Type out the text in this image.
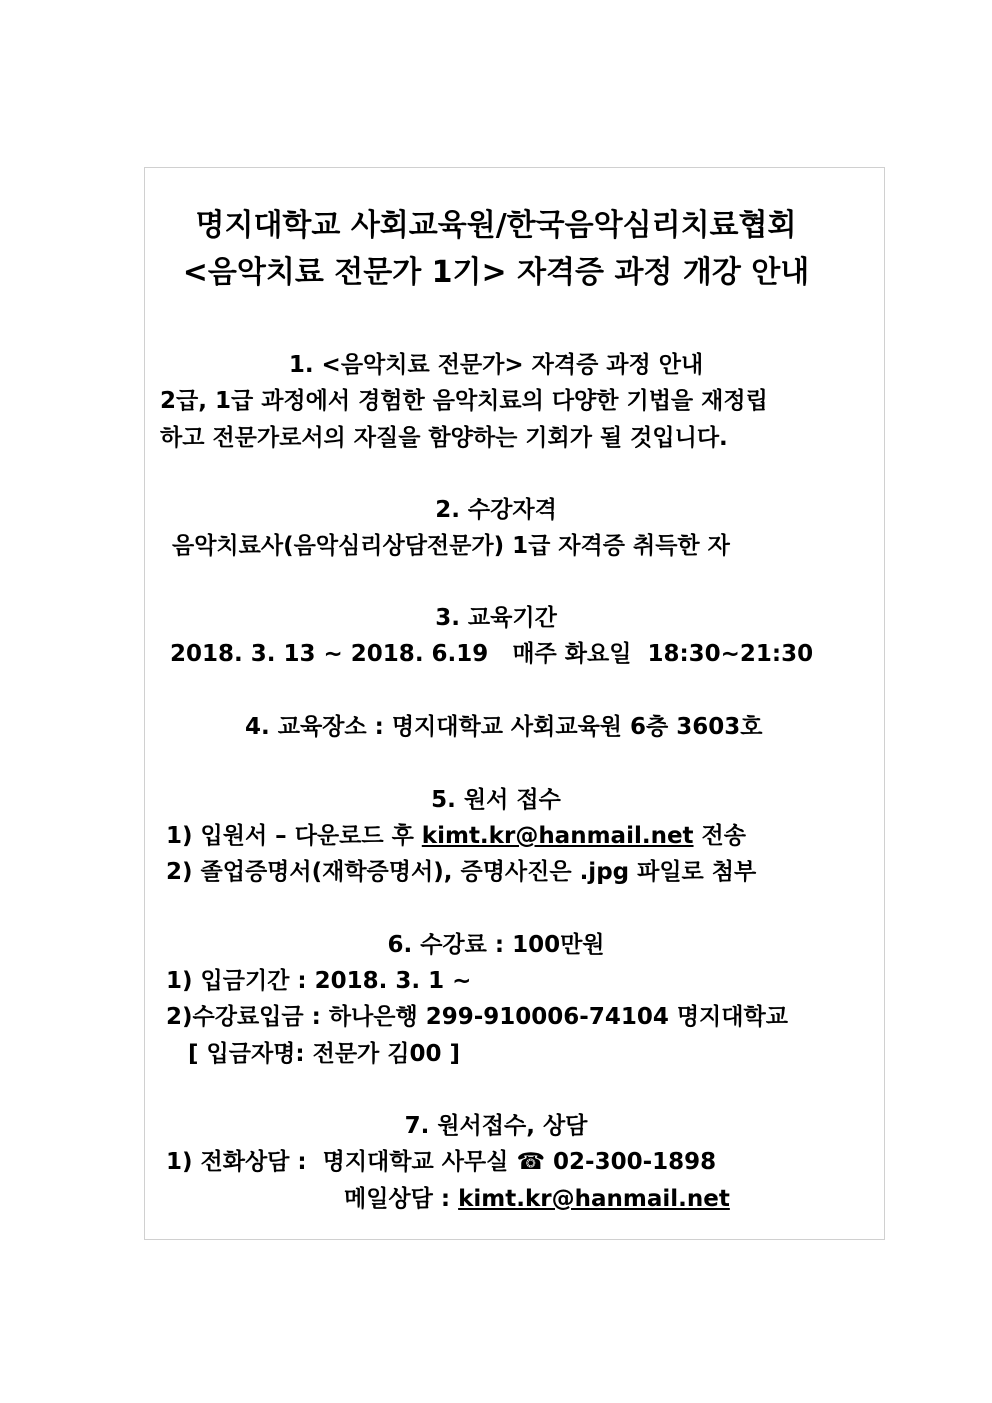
명지대학교 사회교육원/한국음악심리치료협회
<음악치료 전문가 1기> 자격증 과정 개강 안내
1. <음악치료 전문가> 자격증 과정 안내
2급, 1급 과정에서 경험한 음악치료의 다양한 기법을 재정립
하고 전문가로서의 자질을 함양하는 기회가 될 것입니다.
2. 수강자격
음악치료사(음악심리상담전문가) 1급 자격증 취득한 자
3. 교육기간
2018. 3. 13 ~ 2018. 6.19   매주 화요일  18:30~21:30
4. 교육장소 : 명지대학교 사회교육원 6층 3603호
5. 원서 접수
1) 입원서 – 다운로드 후 kimt.kr@hanmail.net 전송
2) 졸업증명서(재학증명서), 증명사진은 .jpg 파일로 첨부
6. 수강료 : 100만원
1) 입금기간 : 2018. 3. 1 ~
2)수강료입금 : 하나은행 299-910006-74104 명지대학교
[ 입금자명: 전문가 김00 ]
7. 원서접수, 상담
1) 전화상담 :  명지대학교 사무실 ☎ 02-300-1898
메일상담 : kimt.kr@hanmail.net
